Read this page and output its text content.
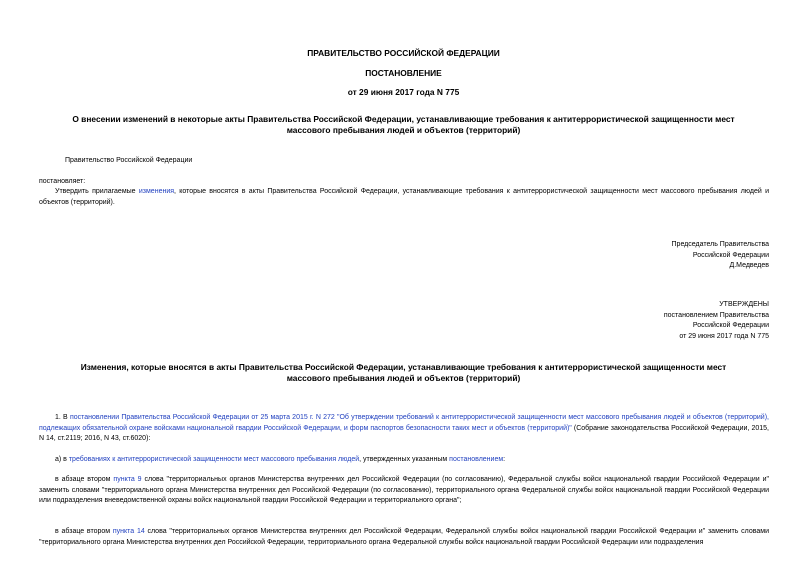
ПРАВИТЕЛЬСТВО РОССИЙСКОЙ ФЕДЕРАЦИИ
ПОСТАНОВЛЕНИЕ
от 29 июня 2017 года N 775
О внесении изменений в некоторые акты Правительства Российской Федерации, устанавливающие требования к антитеррористической защищенности мест массового пребывания людей и объектов (территорий)
Правительство Российской Федерации
постановляет:
Утвердить прилагаемые изменения, которые вносятся в акты Правительства Российской Федерации, устанавливающие требования к антитеррористической защищенности мест массового пребывания людей и объектов (территорий).
Председатель Правительства
Российской Федерации
Д.Медведев
УТВЕРЖДЕНЫ
постановлением Правительства
Российской Федерации
от 29 июня 2017 года N 775
Изменения, которые вносятся в акты Правительства Российской Федерации, устанавливающие требования к антитеррористической защищенности мест массового пребывания людей и объектов (территорий)
1. В постановлении Правительства Российской Федерации от 25 марта 2015 г. N 272 "Об утверждении требований к антитеррористической защищенности мест массового пребывания людей и объектов (территорий), подлежащих обязательной охране войсками национальной гвардии Российской Федерации, и форм паспортов безопасности таких мест и объектов (территорий)" (Собрание законодательства Российской Федерации, 2015, N 14, ст.2119; 2016, N 43, ст.6020):
а) в требованиях к антитеррористической защищенности мест массового пребывания людей, утвержденных указанным постановлением:
в абзаце втором пункта 9 слова "территориальных органов Министерства внутренних дел Российской Федерации (по согласованию), Федеральной службы войск национальной гвардии Российской Федерации и" заменить словами "территориального органа Министерства внутренних дел Российской Федерации (по согласованию), территориального органа Федеральной службы войск национальной гвардии Российской Федерации или подразделения вневедомственной охраны войск национальной гвардии Российской Федерации и территориального органа";
в абзаце втором пункта 14 слова "территориальных органов Министерства внутренних дел Российской Федерации, Федеральной службы войск национальной гвардии Российской Федерации и" заменить словами "территориального органа Министерства внутренних дел Российской Федерации, территориального органа Федеральной службы войск национальной гвардии Российской Федерации или подразделения
